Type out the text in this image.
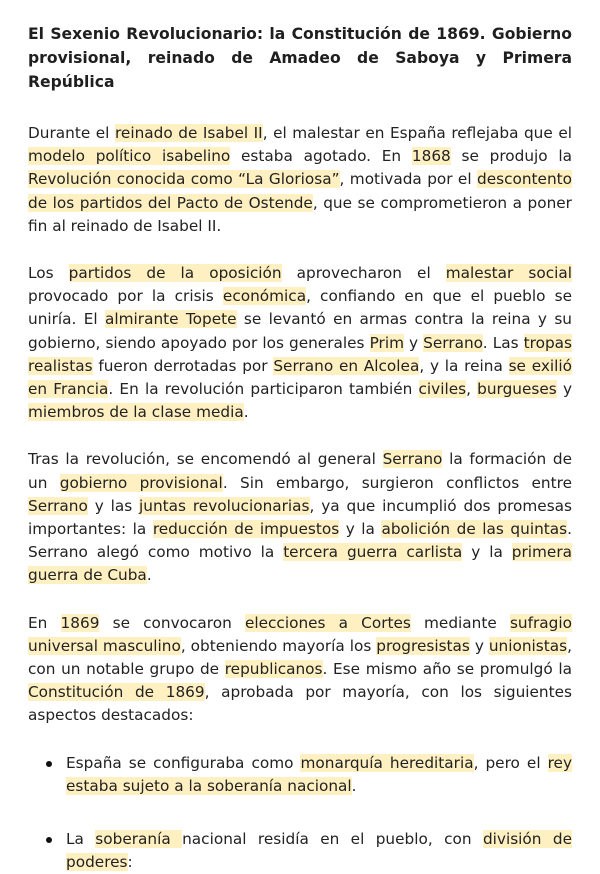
El Sexenio Revolucionario: la Constitución de 1869. Gobierno provisional, reinado de Amadeo de Saboya y Primera República

Durante el reinado de Isabel II, el malestar en España reflejaba que el modelo político isabelino estaba agotado. En 1868 se produjo la Revolución conocida como “La Gloriosa”, motivada por el descontento de los partidos del Pacto de Ostende, que se comprometieron a poner fin al reinado de Isabel II.

Los partidos de la oposición aprovecharon el malestar social provocado por la crisis económica, confiando en que el pueblo se uniría. El almirante Topete se levantó en armas contra la reina y su gobierno, siendo apoyado por los generales Prim y Serrano. Las tropas realistas fueron derrotadas por Serrano en Alcolea, y la reina se exilió en Francia. En la revolución participaron también civiles, burgueses y miembros de la clase media.

Tras la revolución, se encomendó al general Serrano la formación de un gobierno provisional. Sin embargo, surgieron conflictos entre Serrano y las juntas revolucionarias, ya que incumplió dos promesas importantes: la reducción de impuestos y la abolición de las quintas. Serrano alegó como motivo la tercera guerra carlista y la primera guerra de Cuba.

En 1869 se convocaron elecciones a Cortes mediante sufragio universal masculino, obteniendo mayoría los progresistas y unionistas, con un notable grupo de republicanos. Ese mismo año se promulgó la Constitución de 1869, aprobada por mayoría, con los siguientes aspectos destacados:

España se configuraba como monarquía hereditaria, pero el rey estaba sujeto a la soberanía nacional.
La soberanía nacional residía en el pueblo, con división de poderes:
